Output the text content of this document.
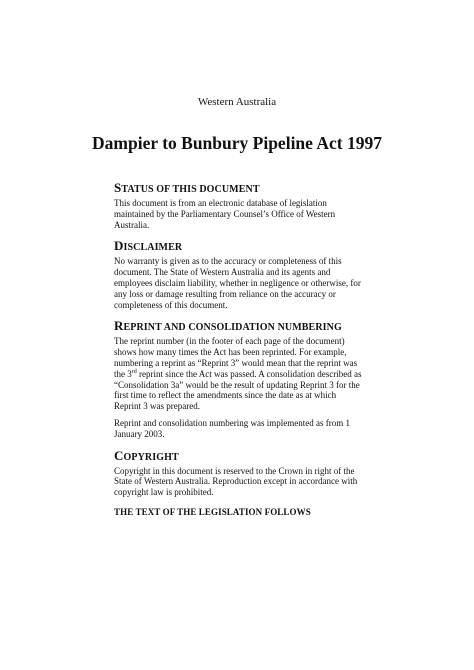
Western Australia
Dampier to Bunbury Pipeline Act 1997
STATUS OF THIS DOCUMENT

This document is from an electronic database of legislation maintained by the Parliamentary Counsel’s Office of Western Australia.

DISCLAIMER

No warranty is given as to the accuracy or completeness of this document. The State of Western Australia and its agents and employees disclaim liability, whether in negligence or otherwise, for any loss or damage resulting from reliance on the accuracy or completeness of this document.

REPRINT AND CONSOLIDATION NUMBERING

The reprint number (in the footer of each page of the document) shows how many times the Act has been reprinted. For example, numbering a reprint as “Reprint 3” would mean that the reprint was the 3rd reprint since the Act was passed. A consolidation described as “Consolidation 3a” would be the result of updating Reprint 3 for the first time to reflect the amendments since the date as at which Reprint 3 was prepared.

Reprint and consolidation numbering was implemented as from 1 January 2003.

COPYRIGHT

Copyright in this document is reserved to the Crown in right of the State of Western Australia. Reproduction except in accordance with copyright law is prohibited.

THE TEXT OF THE LEGISLATION FOLLOWS
